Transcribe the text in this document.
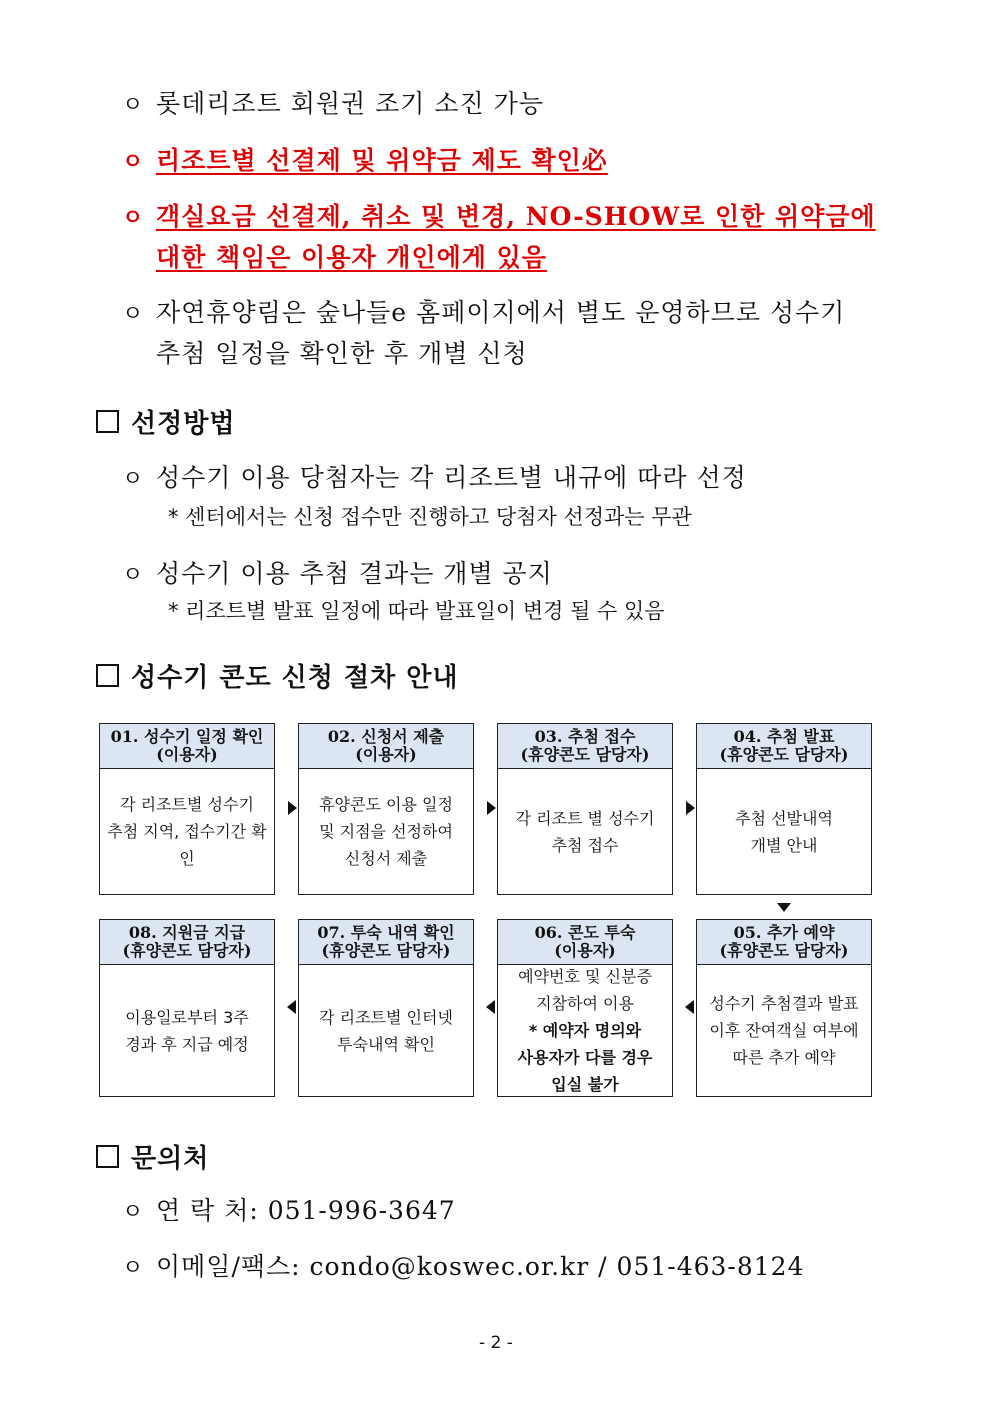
ㅇ 롯데리조트 회원권 조기 소진 가능
ㅇ 리조트별 선결제 및 위약금 제도 확인必
ㅇ 객실요금 선결제, 취소 및 변경, NO-SHOW로 인한 위약금에
대한 책임은 이용자 개인에게 있음
ㅇ 자연휴양림은 숲나들e 홈페이지에서 별도 운영하므로 성수기
추첨 일정을 확인한 후 개별 신청
선정방법
ㅇ 성수기 이용 당첨자는 각 리조트별 내규에 따라 선정
* 센터에서는 신청 접수만 진행하고 당첨자 선정과는 무관
ㅇ 성수기 이용 추첨 결과는 개별 공지
* 리조트별 발표 일정에 따라 발표일이 변경 될 수 있음
성수기 콘도 신청 절차 안내
01. 성수기 일정 확인
(이용자)
각 리조트별 성수기
추첨 지역, 접수기간 확인
02. 신청서 제출
(이용자)
휴양콘도 이용 일정
및 지점을 선정하여
신청서 제출
03. 추첨 접수
(휴양콘도 담당자)
각 리조트 별 성수기
추첨 접수
04. 추첨 발표
(휴양콘도 담당자)
추첨 선발내역
개별 안내
08. 지원금 지급
(휴양콘도 담당자)
이용일로부터 3주
경과 후 지급 예정
07. 투숙 내역 확인
(휴양콘도 담당자)
각 리조트별 인터넷
투숙내역 확인
06. 콘도 투숙
(이용자)
예약번호 및 신분증
지참하여 이용
* 예약자 명의와
사용자가 다를 경우
입실 불가
05. 추가 예약
(휴양콘도 담당자)
성수기 추첨결과 발표
이후 잔여객실 여부에
따른 추가 예약
문의처
ㅇ 연 락 처: 051-996-3647
ㅇ 이메일/팩스: condo@koswec.or.kr / 051-463-8124
- 2 -
